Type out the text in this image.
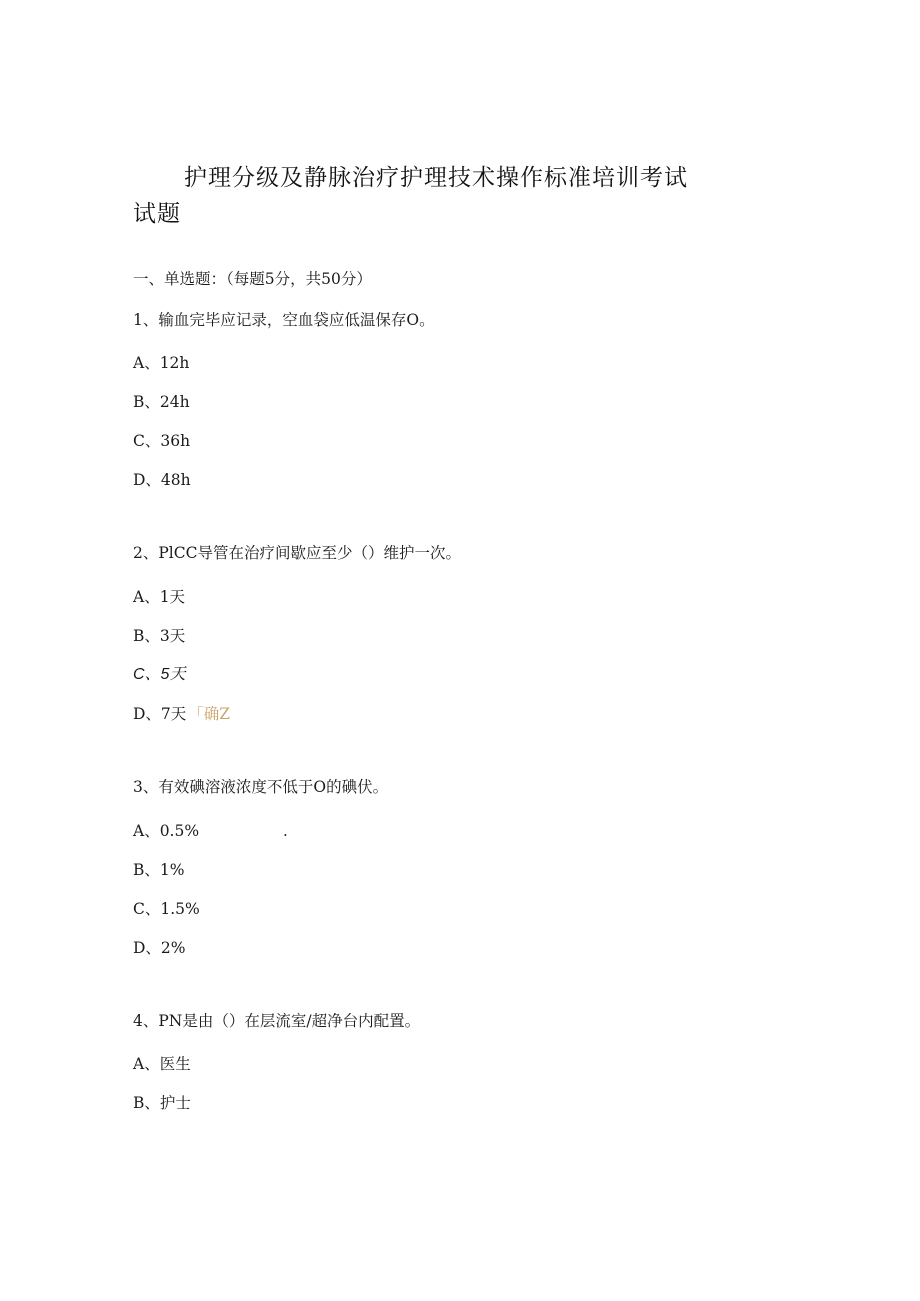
护理分级及静脉治疗护理技术操作标准培训考试试题
一、单选题：（每题5分，共50分）
1、输血完毕应记录，空血袋应低温保存O。
A、12h
B、24h
C、36h
D、48h
2、PlCC导管在治疗间歇应至少（）维护一次。
A、1天
B、3天
C、5天
D、7天 「确Z
3、有效碘溶液浓度不低于O的碘伏。
A、0.5%	.
B、1%
C、1.5%
D、2%
4、PN是由（）在层流室/超净台内配置。
A、医生
B、护士
